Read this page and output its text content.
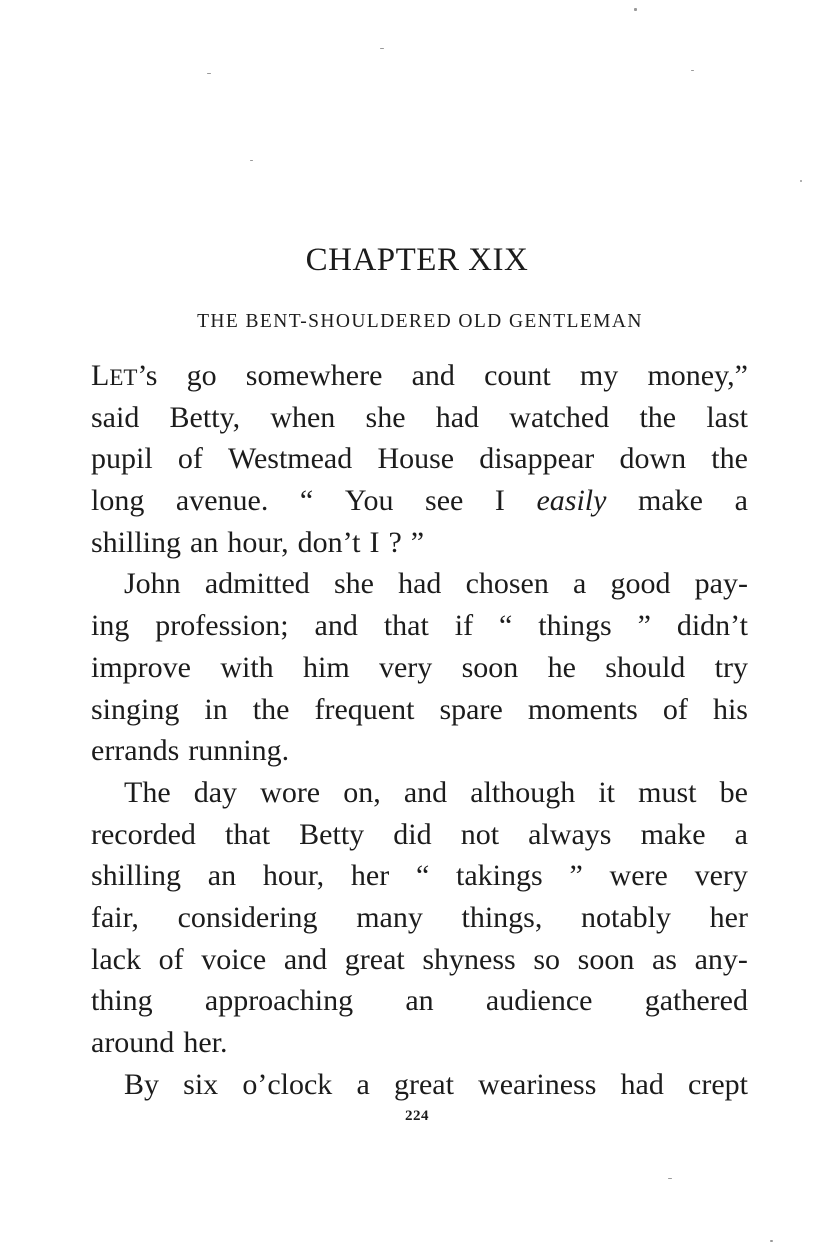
CHAPTER XIX
THE BENT-SHOULDERED OLD GENTLEMAN
LET’s go somewhere and count my money,”
said Betty, when she had watched the last
pupil of Westmead House disappear down the
long avenue. “ You see I easily make a
shilling an hour, don’t I ? ”
John admitted she had chosen a good pay-
ing profession; and that if “ things ” didn’t
improve with him very soon he should try
singing in the frequent spare moments of his
errands running.
The day wore on, and although it must be
recorded that Betty did not always make a
shilling an hour, her “ takings ” were very
fair, considering many things, notably her
lack of voice and great shyness so soon as any-
thing approaching an audience gathered
around her.
By six o’clock a great weariness had crept
224
